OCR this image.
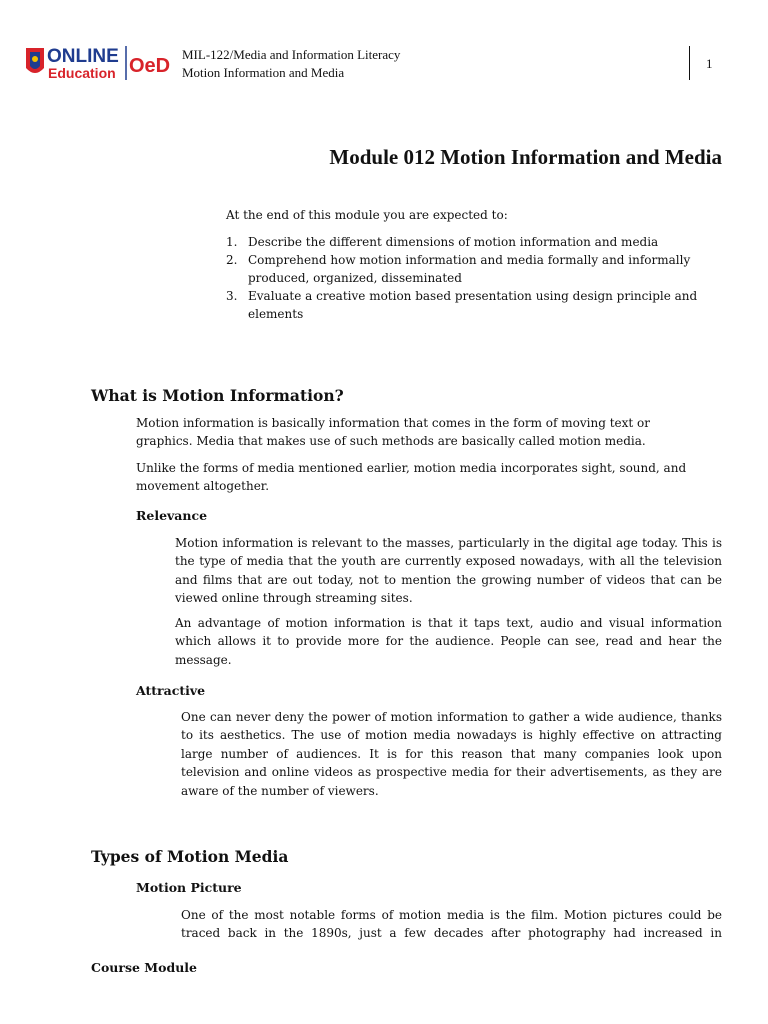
ONLINE
Education OeD
MIL-122/Media and Information Literacy
Motion Information and Media
1
Module 012 Motion Information and Media
At the end of this module you are expected to:
1. Describe the different dimensions of motion information and media
2. Comprehend how motion information and media formally and informally produced, organized, disseminated
3. Evaluate a creative motion based presentation using design principle and elements
What is Motion Information?

Motion information is basically information that comes in the form of moving text or graphics. Media that makes use of such methods are basically called motion media.

Unlike the forms of media mentioned earlier, motion media incorporates sight, sound, and movement altogether.

Relevance

Motion information is relevant to the masses, particularly in the digital age today. This is the type of media that the youth are currently exposed nowadays, with all the television and films that are out today, not to mention the growing number of videos that can be viewed online through streaming sites.

An advantage of motion information is that it taps text, audio and visual information which allows it to provide more for the audience. People can see, read and hear the message.

Attractive

One can never deny the power of motion information to gather a wide audience, thanks to its aesthetics. The use of motion media nowadays is highly effective on attracting large number of audiences. It is for this reason that many companies look upon television and online videos as prospective media for their advertisements, as they are aware of the number of viewers.

Types of Motion Media
Motion Picture

One of the most notable forms of motion media is the film. Motion pictures could be traced back in the 1890s, just a few decades after photography had increased in

Course Module
